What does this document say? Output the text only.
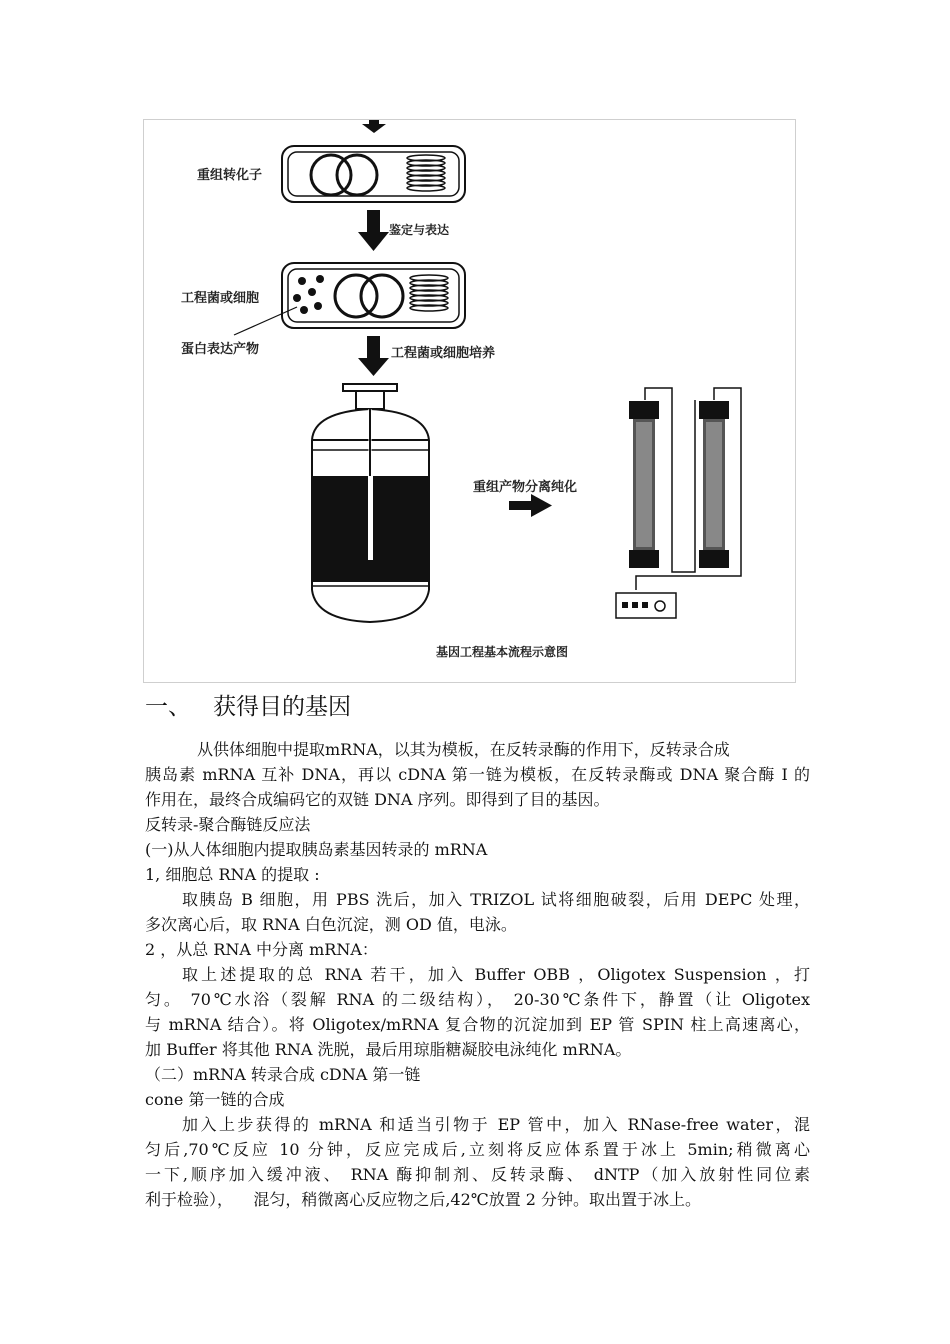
重组转化子
鉴定与表达
工程菌或细胞
蛋白表达产物	工程菌或细胞培养
重组产物分离纯化
基因工程基本流程示意图
一、 获得目的基因
从供体细胞中提取mRNA，以其为模板，在反转录酶的作用下，反转录合成
胰岛素 mRNA 互补 DNA，再以 cDNA 第一链为模板，在反转录酶或 DNA 聚合酶 I 的
作用在，最终合成编码它的双链 DNA 序列。即得到了目的基因。
反转录-聚合酶链反应法
(一)从人体细胞内提取胰岛素基因转录的 mRNA
1, 细胞总 RNA 的提取 :
取胰岛 B 细胞，用 PBS 洗后，加入 TRIZOL 试将细胞破裂，后用 DEPC 处理，
多次离心后，取 RNA 白色沉淀，测 OD 值，电泳。
2 ，从总 RNA 中分离 mRNA：
取上述提取的总 RNA 若干，加入 Buffer OBB ，Oligotex Suspension ，打
匀。 70℃水浴（裂解 RNA 的二级结构）， 20-30℃条件下，静置（让 Oligotex
与 mRNA 结合）。将 Oligotex/mRNA 复合物的沉淀加到 EP 管 SPIN 柱上高速离心，
加 Buffer 将其他 RNA 洗脱，最后用琼脂糖凝胶电泳纯化 mRNA。
（二）mRNA 转录合成 cDNA 第一链
cone 第一链的合成
加入上步获得的 mRNA 和适当引物于 EP 管中，加入 RNase-free water，混
匀后,70℃反应 10 分钟，反应完成后,立刻将反应体系置于冰上 5min;稍微离心
一下,顺序加入缓冲液、 RNA 酶抑制剂、反转录酶、 dNTP（加入放射性同位素
利于检验），    混匀，稍微离心反应物之后,42℃放置 2 分钟。取出置于冰上。
